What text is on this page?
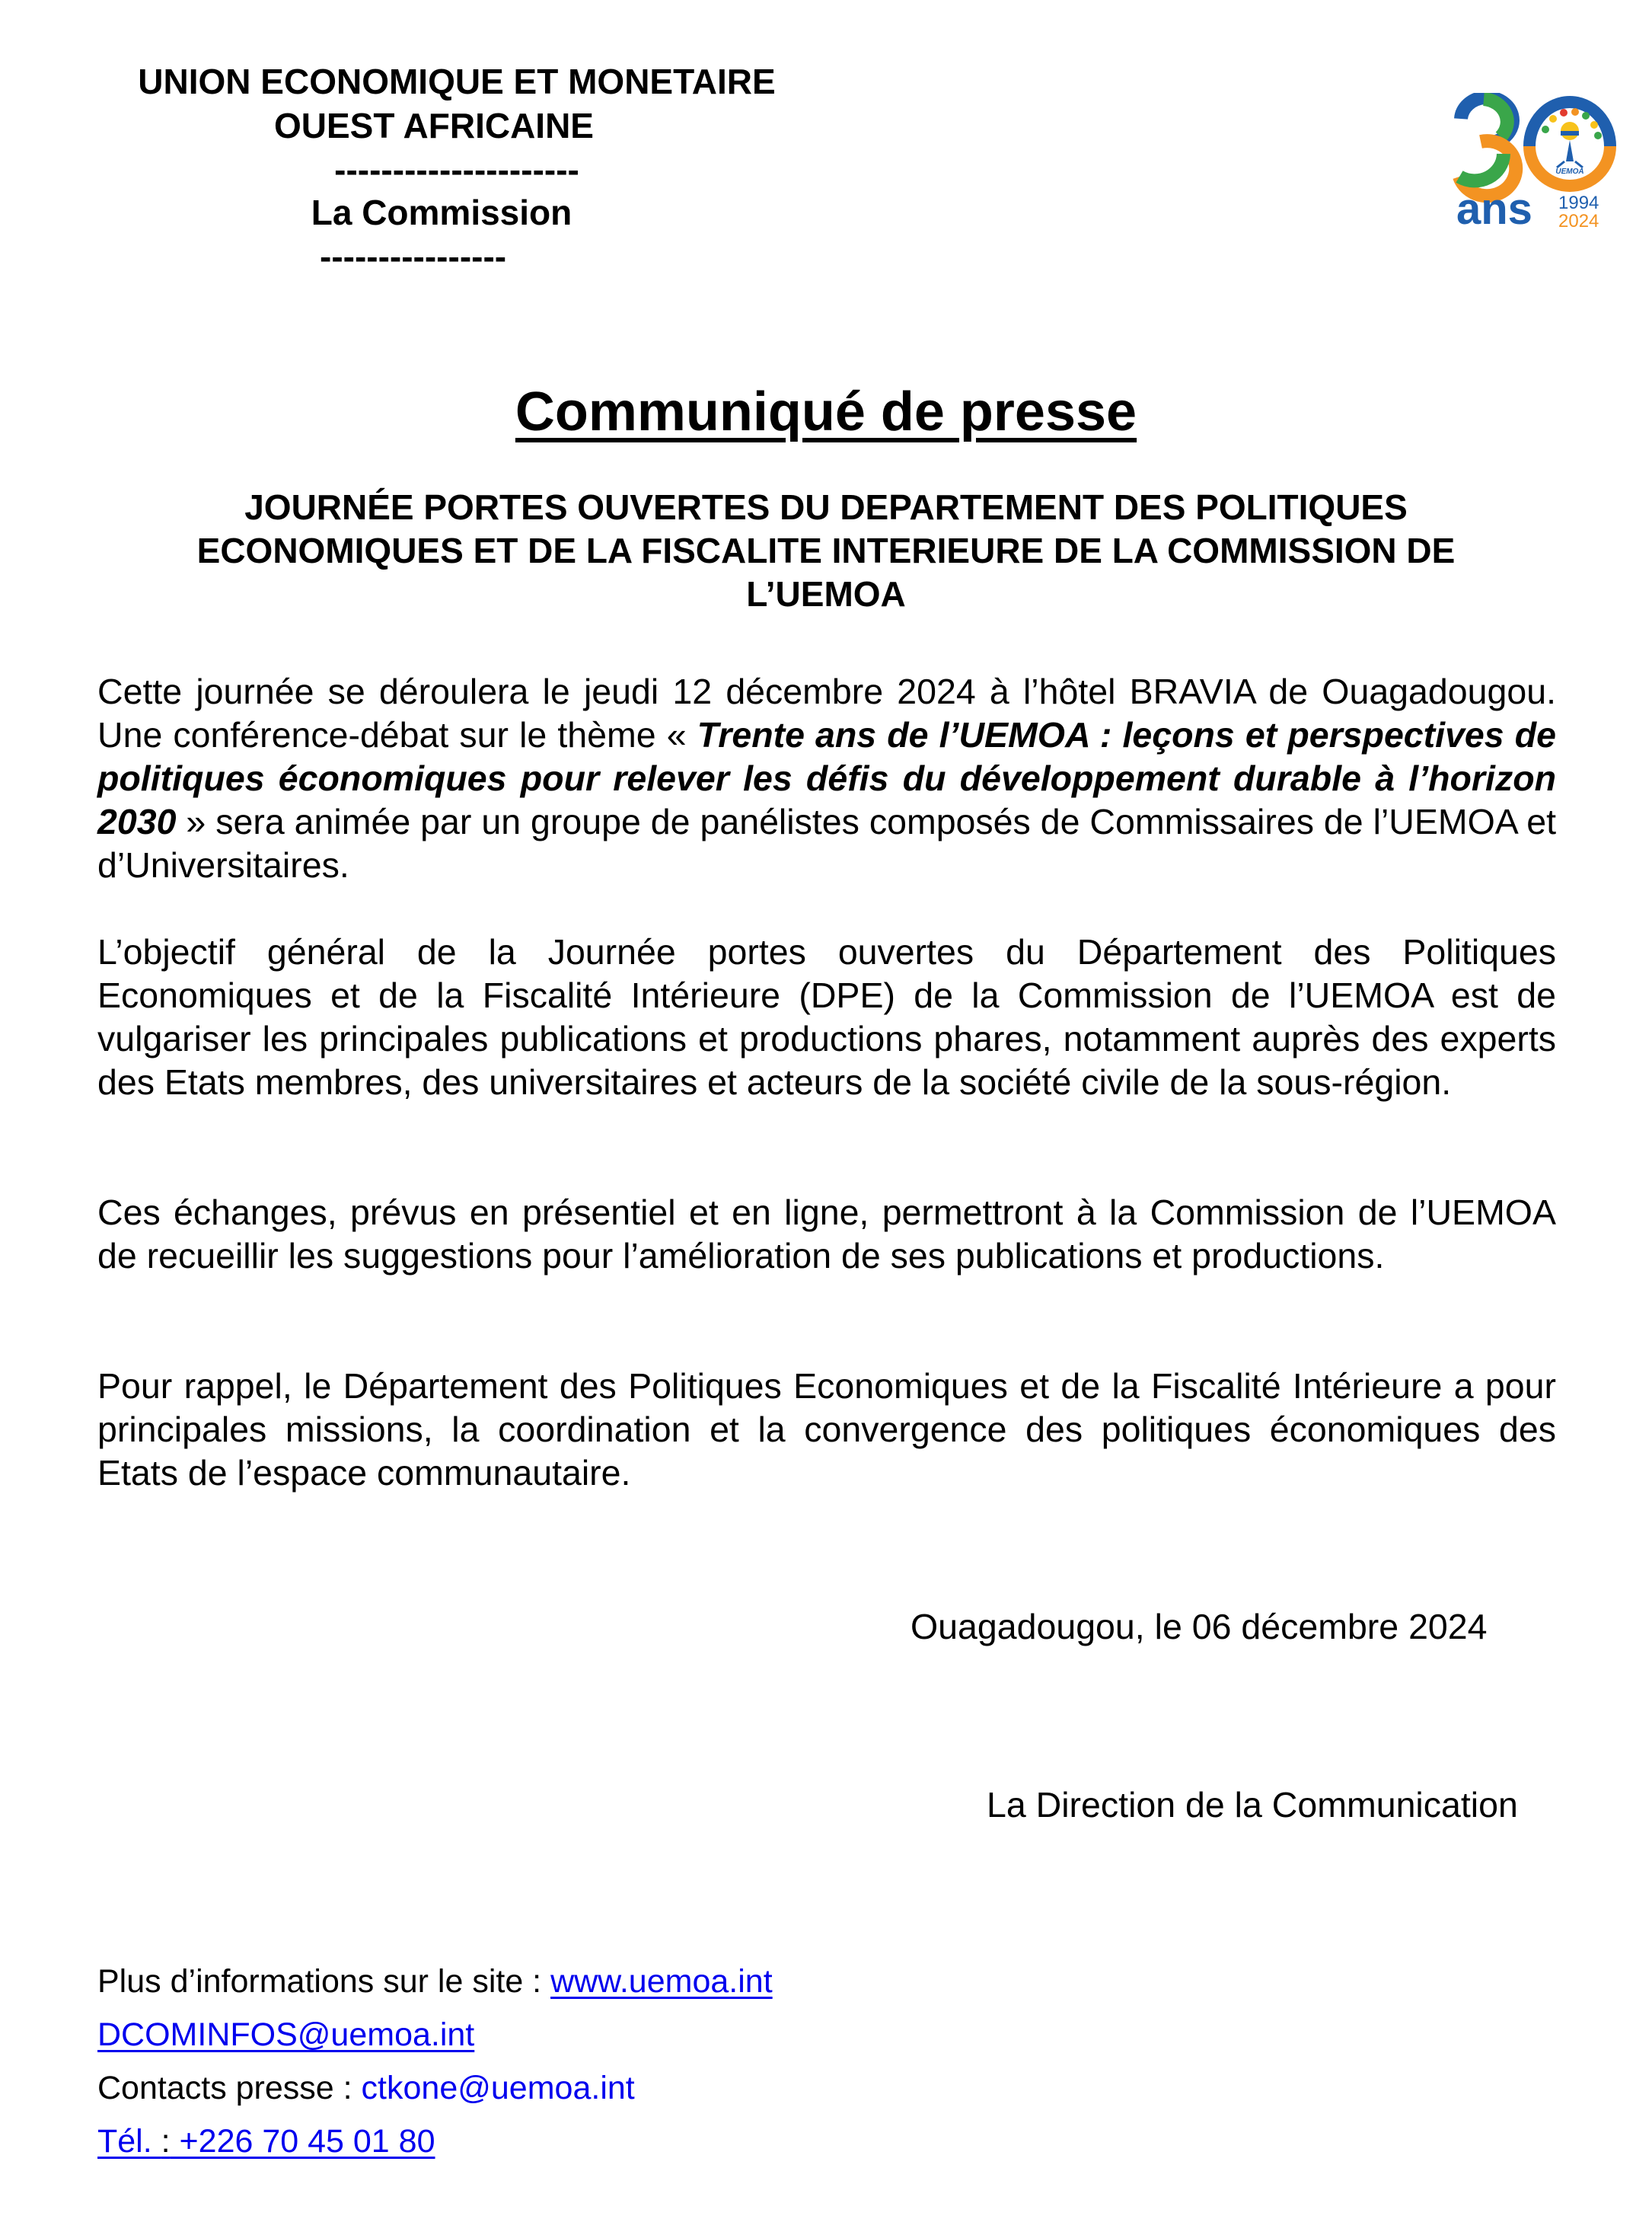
UNION ECONOMIQUE ET MONETAIRE
OUEST AFRICAINE
---------------------
La Commission
----------------
UEMOA
ans 1994
2024
Communiqué de presse
JOURNÉE PORTES OUVERTES DU DEPARTEMENT DES POLITIQUES ECONOMIQUES ET DE LA FISCALITE INTERIEURE DE LA COMMISSION DE L’UEMOA
Cette journée se déroulera le jeudi 12 décembre 2024 à l’hôtel BRAVIA de Ouagadougou. Une conférence-débat sur le thème « Trente ans de l’UEMOA : leçons et perspectives de politiques économiques pour relever les défis du développement durable à l’horizon 2030 » sera animée par un groupe de panélistes composés de Commissaires de l’UEMOA et d’Universitaires.
L’objectif général de la Journée portes ouvertes du Département des Politiques Economiques et de la Fiscalité Intérieure (DPE) de la Commission de l’UEMOA est de vulgariser les principales publications et productions phares, notamment auprès des experts des Etats membres, des universitaires et acteurs de la société civile de la sous-région.
Ces échanges, prévus en présentiel et en ligne, permettront à la Commission de l’UEMOA de recueillir les suggestions pour l’amélioration de ses publications et productions.
Pour rappel, le Département des Politiques Economiques et de la Fiscalité Intérieure a pour principales missions, la coordination et la convergence des politiques économiques des Etats de l’espace communautaire.
Ouagadougou, le 06 décembre 2024
La Direction de la Communication
Plus d’informations sur le site : www.uemoa.int
DCOMINFOS@uemoa.int
Contacts presse : ctkone@uemoa.int
Tél. : +226 70 45 01 80
